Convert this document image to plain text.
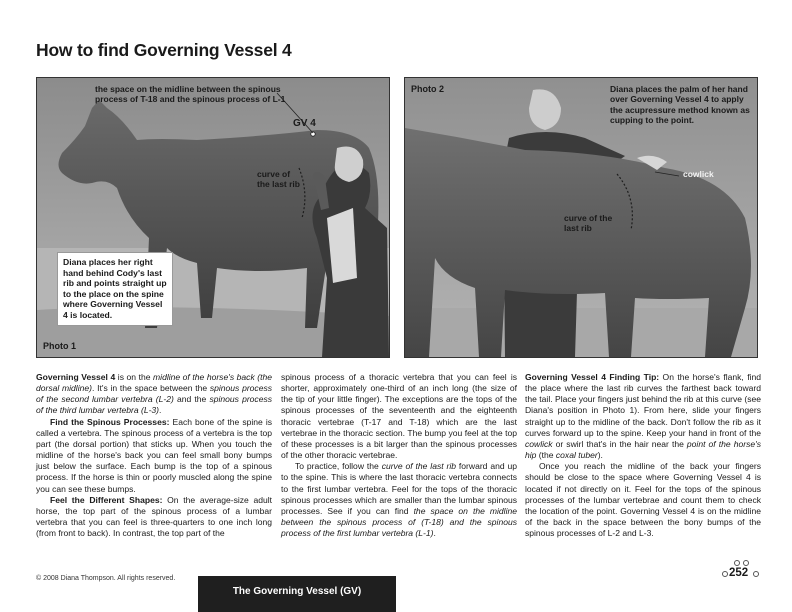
How to find Governing Vessel 4
the space on the midline between the spinous
process of T-18 and the spinous process of L-1
GV 4
curve of
the last rib
Diana places her right hand behind Cody's last rib and points straight up to the place on the spine where Governing Vessel 4 is located.
Photo 1
Photo 2	Diana places the palm of her hand
over Governing Vessel 4 to apply
the acupressure method known as
cupping to the point.
cowlick
curve of the
last rib

Governing Vessel 4 is on the midline of the horse's back (the dorsal midline). It's in the space between the spinous process of the second lumbar vertebra (L-2) and the spinous process of the third lumbar vertebra (L-3).

Find the Spinous Processes: Each bone of the spine is called a vertebra. The spinous process of a vertebra is the top part (the dorsal portion) that sticks up. When you touch the midline of the horse's back you can feel small bony bumps just below the surface. Each bump is the top of a spinous process. If the horse is thin or poorly muscled along the spine you can see these bumps.

Feel the Different Shapes: On the average-size adult horse, the top part of the spinous process of a lumbar vertebra that you can feel is three-quarters to one inch long (from front to back). In contrast, the top part of the

spinous process of a thoracic vertebra that you can feel is shorter, approximately one-third of an inch long (the size of the tip of your little finger). The exceptions are the tops of the spinous processes of the seventeenth and the eighteenth thoracic vertebrae (T-17 and T-18) which are the last vertebrae in the thoracic section. The bump you feel at the top of these processes is a bit larger than the spinous processes of the other thoracic vertebrae.

To practice, follow the curve of the last rib forward and up to the spine. This is where the last thoracic vertebra connects to the first lumbar vertebra. Feel for the tops of the thoracic spinous processes which are smaller than the lumbar spinous processes. See if you can find the space on the midline between the spinous process of (T-18) and the spinous process of the first lumbar vertebra (L-1).

Governing Vessel 4 Finding Tip: On the horse's flank, find the place where the last rib curves the farthest back toward the tail. Place your fingers just behind the rib at this curve (see Diana's position in Photo 1). From here, slide your fingers straight up to the midline of the back. Don't follow the rib as it curves forward up to the spine. Keep your hand in front of the cowlick or swirl that's in the hair near the point of the horse's hip (the coxal tuber).

Once you reach the midline of the back your fingers should be close to the space where Governing Vessel 4 is located if not directly on it. Feel for the tops of the spinous processes of the lumbar vertebrae and count them to check the location of the point. Governing Vessel 4 is on the midline of the back in the space between the bony bumps of the spinous processes of L-2 and L-3.

© 2008 Diana Thompson. All rights reserved.
The Governing Vessel (GV)
252
